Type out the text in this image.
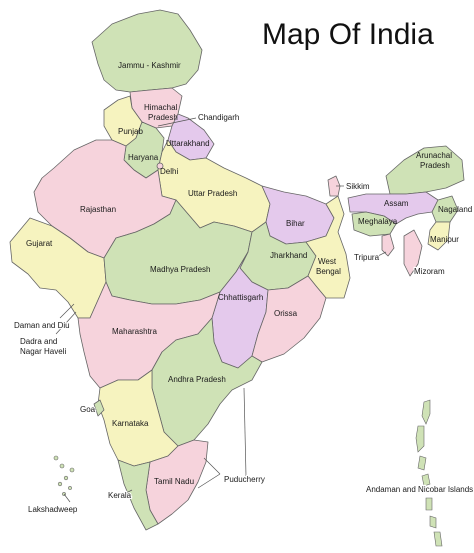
Map Of India
Jammu - Kashmir
Himachal
Pradesh	Chandigarh
Punjab
Uttarakhand
Haryana
Delhi
Uttar Pradesh
Rajasthan
Sikkim
Arunachal
Pradesh
Assam
Nagaland
Meghalaya
Bihar
Manipur
Tripura
Mizoram
Gujarat
Madhya Pradesh
Jharkhand
West
Bengal
Chhattisgarh
Orissa
Daman and Diu
Dadra and
Nagar Haveli
Maharashtra
Andhra Pradesh
Goa
Karnataka
Tamil Nadu	Puducherry
Kerala
Lakshadweep
Andaman and Nicobar Islands
